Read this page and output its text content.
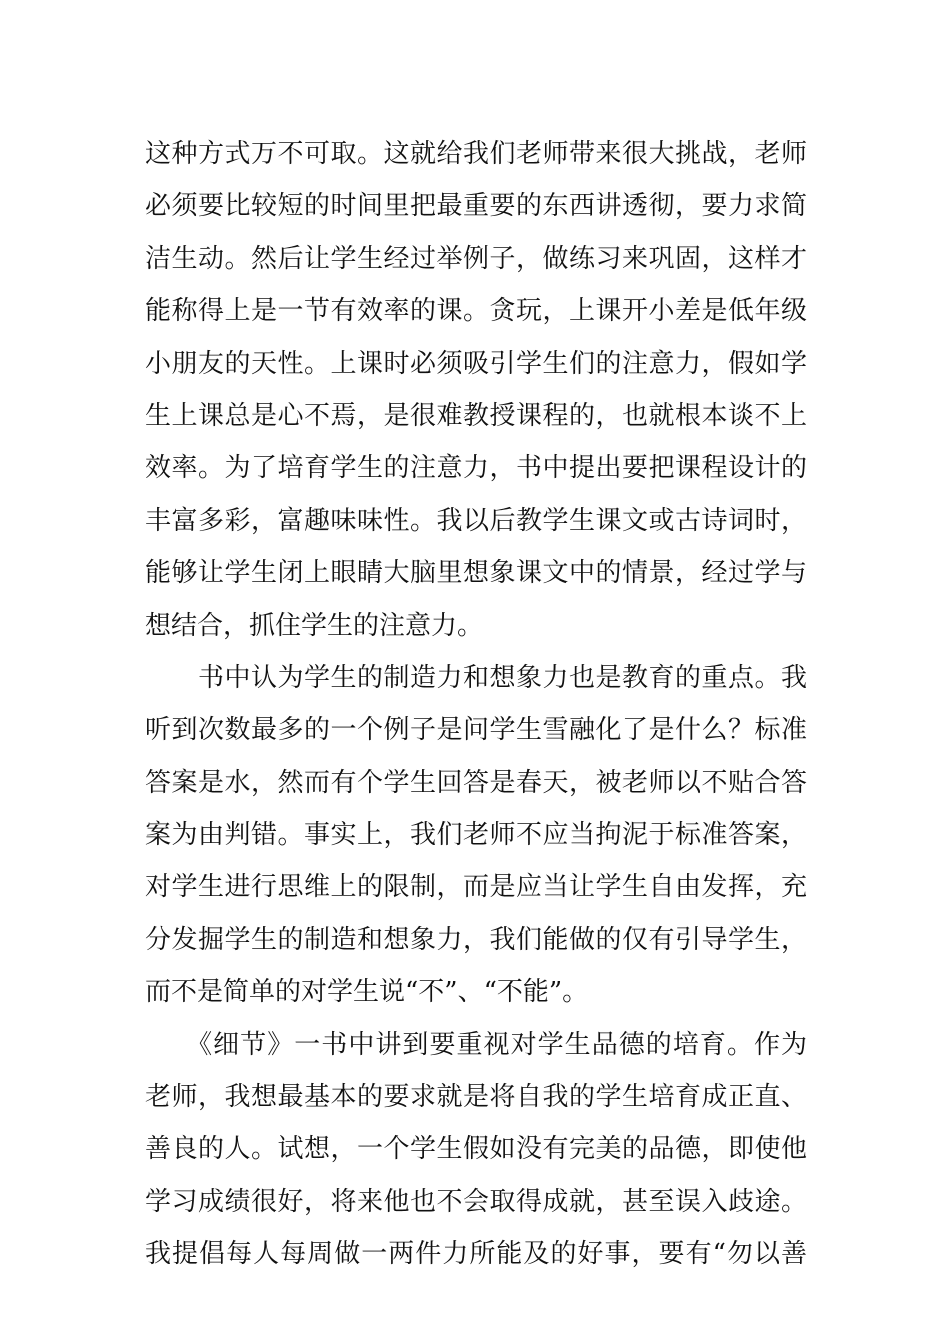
这种方式万不可取。这就给我们老师带来很大挑战，老师
必须要比较短的时间里把最重要的东西讲透彻，要力求简
洁生动。然后让学生经过举例子，做练习来巩固，这样才
能称得上是一节有效率的课。贪玩，上课开小差是低年级
小朋友的天性。上课时必须吸引学生们的注意力，假如学
生上课总是心不焉，是很难教授课程的，也就根本谈不上
效率。为了培育学生的注意力，书中提出要把课程设计的
丰富多彩，富趣味味性。我以后教学生课文或古诗词时，
能够让学生闭上眼睛大脑里想象课文中的情景，经过学与
想结合，抓住学生的注意力。
　　书中认为学生的制造力和想象力也是教育的重点。我
听到次数最多的一个例子是问学生雪融化了是什么？标准
答案是水，然而有个学生回答是春天，被老师以不贴合答
案为由判错。事实上，我们老师不应当拘泥于标准答案，
对学生进行思维上的限制，而是应当让学生自由发挥，充
分发掘学生的制造和想象力，我们能做的仅有引导学生，
而不是简单的对学生说“不”、“不能”。
　　《细节》一书中讲到要重视对学生品德的培育。作为
老师，我想最基本的要求就是将自我的学生培育成正直、
善良的人。试想，一个学生假如没有完美的品德，即使他
学习成绩很好，将来他也不会取得成就，甚至误入歧途。
我提倡每人每周做一两件力所能及的好事，要有“勿以善
